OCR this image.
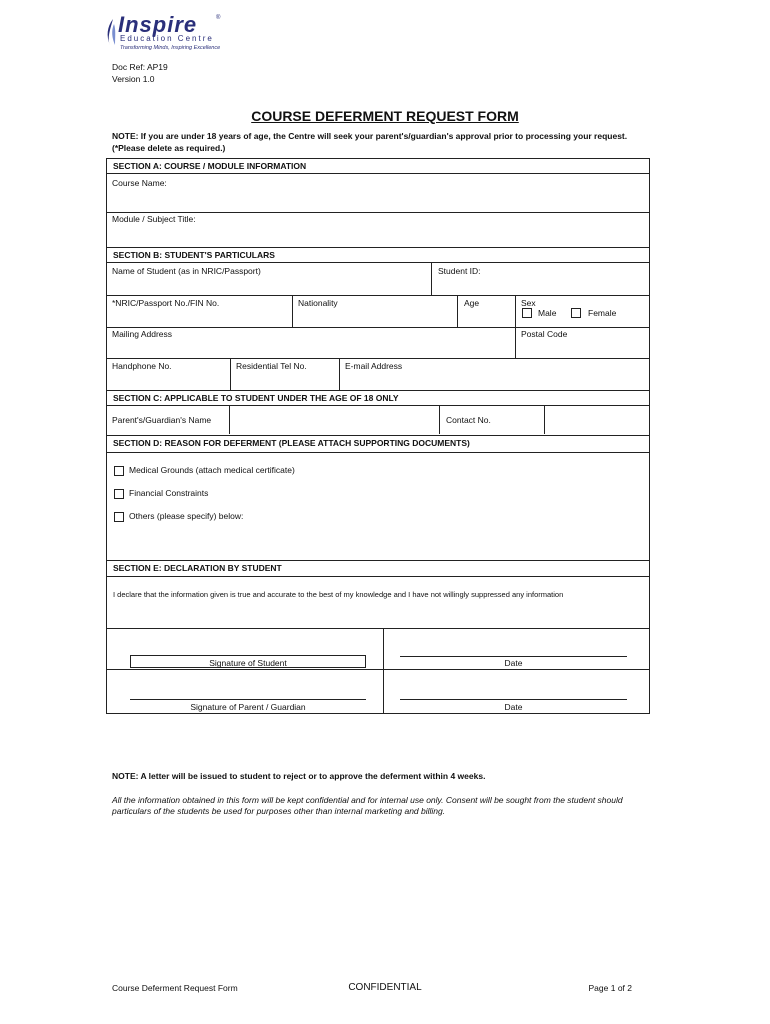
Inspire	®
Education Centre
Transforming Minds, Inspiring Excellence
Doc Ref: AP19
Version 1.0
COURSE DEFERMENT REQUEST FORM
NOTE: If you are under 18 years of age, the Centre will seek your parent's/guardian's approval prior to processing your request. (*Please delete as required.)
SECTION A: COURSE / MODULE INFORMATION
Course Name:
Module / Subject Title:
SECTION B: STUDENT'S PARTICULARS
Name of Student (as in NRIC/Passport)	Student ID:
*NRIC/Passport No./FIN No.	Nationality	Age	Sex
Male	Female
Mailing Address	Postal Code
Handphone No.	Residential Tel No.	E-mail Address
SECTION C: APPLICABLE TO STUDENT UNDER THE AGE OF 18 ONLY
Parent's/Guardian's Name	Contact No.
SECTION D: REASON FOR DEFERMENT (PLEASE ATTACH SUPPORTING DOCUMENTS)
Medical Grounds (attach medical certificate)
Financial Constraints
Others (please specify) below:
SECTION E: DECLARATION BY STUDENT
I declare that the information given is true and accurate to the best of my knowledge and I have not willingly suppressed any information
Signature of Student	Date
Signature of Parent / Guardian	Date
NOTE: A letter will be issued to student to reject or to approve the deferment within 4 weeks.
All the information obtained in this form will be kept confidential and for internal use only. Consent will be sought from the student should particulars of the students be used for purposes other than internal marketing and billing.
Course Deferment Request Form	CONFIDENTIAL	Page 1 of 2
